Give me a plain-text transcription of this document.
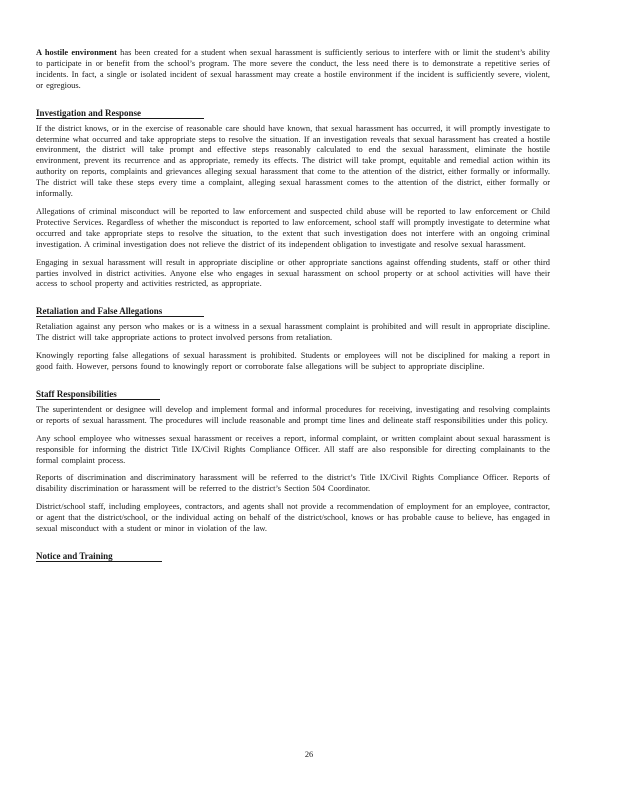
A hostile environment has been created for a student when sexual harassment is sufficiently serious to interfere with or limit the student’s ability to participate in or benefit from the school’s program. The more severe the conduct, the less need there is to demonstrate a repetitive series of incidents. In fact, a single or isolated incident of sexual harassment may create a hostile environment if the incident is sufficiently severe, violent, or egregious.

Investigation and Response

If the district knows, or in the exercise of reasonable care should have known, that sexual harassment has occurred, it will promptly investigate to determine what occurred and take appropriate steps to resolve the situation. If an investigation reveals that sexual harassment has created a hostile environment, the district will take prompt and effective steps reasonably calculated to end the sexual harassment, eliminate the hostile environment, prevent its recurrence and as appropriate, remedy its effects. The district will take prompt, equitable and remedial action within its authority on reports, complaints and grievances alleging sexual harassment that come to the attention of the district, either formally or informally. The district will take these steps every time a complaint, alleging sexual harassment comes to the attention of the district, either formally or informally.

Allegations of criminal misconduct will be reported to law enforcement and suspected child abuse will be reported to law enforcement or Child Protective Services. Regardless of whether the misconduct is reported to law enforcement, school staff will promptly investigate to determine what occurred and take appropriate steps to resolve the situation, to the extent that such investigation does not interfere with an ongoing criminal investigation. A criminal investigation does not relieve the district of its independent obligation to investigate and resolve sexual harassment.

Engaging in sexual harassment will result in appropriate discipline or other appropriate sanctions against offending students, staff or other third parties involved in district activities. Anyone else who engages in sexual harassment on school property or at school activities will have their access to school property and activities restricted, as appropriate.

Retaliation and False Allegations

Retaliation against any person who makes or is a witness in a sexual harassment complaint is prohibited and will result in appropriate discipline. The district will take appropriate actions to protect involved persons from retaliation.

Knowingly reporting false allegations of sexual harassment is prohibited. Students or employees will not be disciplined for making a report in good faith. However, persons found to knowingly report or corroborate false allegations will be subject to appropriate discipline.

Staff Responsibilities

The superintendent or designee will develop and implement formal and informal procedures for receiving, investigating and resolving complaints or reports of sexual harassment. The procedures will include reasonable and prompt time lines and delineate staff responsibilities under this policy.

Any school employee who witnesses sexual harassment or receives a report, informal complaint, or written complaint about sexual harassment is responsible for informing the district Title IX/Civil Rights Compliance Officer. All staff are also responsible for directing complainants to the formal complaint process.

Reports of discrimination and discriminatory harassment will be referred to the district’s Title IX/Civil Rights Compliance Officer. Reports of disability discrimination or harassment will be referred to the district’s Section 504 Coordinator.

District/school staff, including employees, contractors, and agents shall not provide a recommendation of employment for an employee, contractor, or agent that the district/school, or the individual acting on behalf of the district/school, knows or has probable cause to believe, has engaged in sexual misconduct with a student or minor in violation of the law.

Notice and Training
26
